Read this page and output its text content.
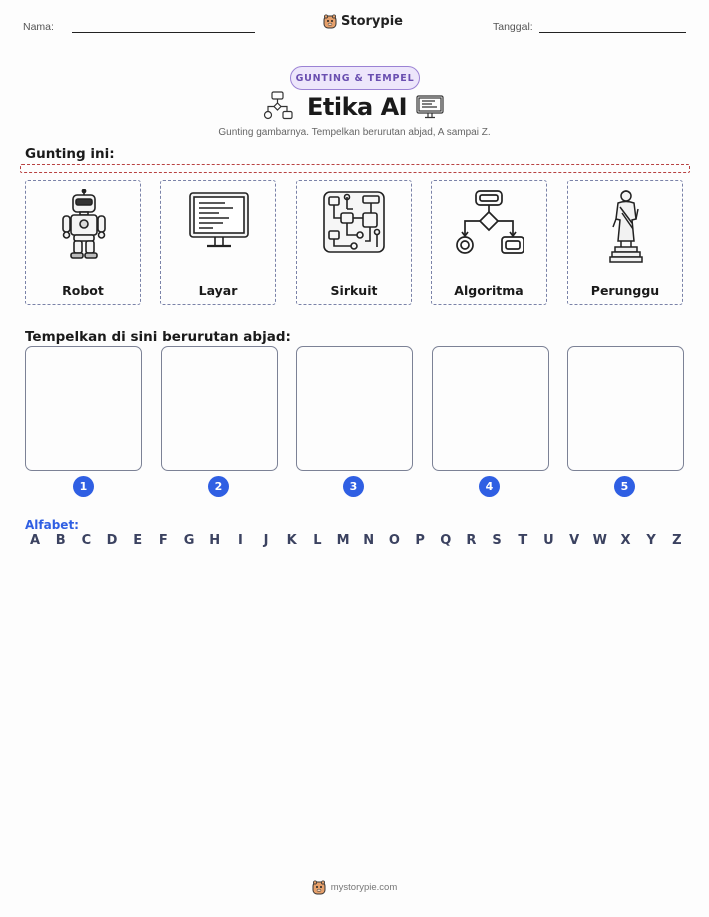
Nama:	Storypie	Tanggal:
GUNTING & TEMPEL
Etika AI
Gunting gambarnya. Tempelkan berurutan abjad, A sampai Z.
Gunting ini:
Robot	Layar	Sirkuit	Algoritma	Perunggu
Tempelkan di sini berurutan abjad:
1	2	3	4	5
Alfabet:
A	B	C	D	E	F	G H	I	J	K	L	M N O	P	Q	R	S	T	U	V	W	X	Y	Z
mystorypie.com
